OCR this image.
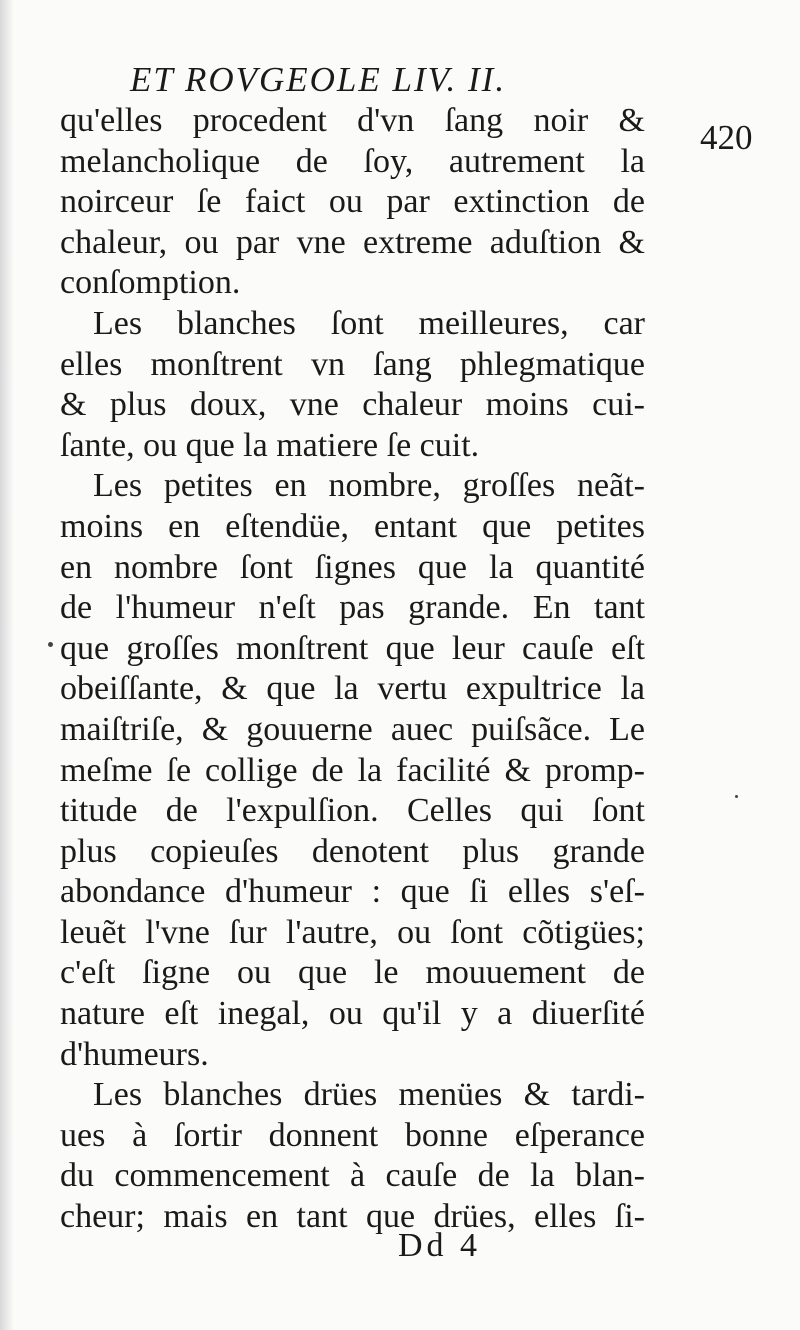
ET ROVGEOLE LIV. II.
420
qu'elles procedent d'vn ſang noir &
melancholique de ſoy, autrement la
noirceur ſe faict ou par extinction de
chaleur, ou par vne extreme aduſtion &
conſomption.
Les blanches ſont meilleures, car
elles monſtrent vn ſang phlegmatique
& plus doux, vne chaleur moins cui-
ſante, ou que la matiere ſe cuit.
Les petites en nombre, groſſes neãt-
moins en eſtendüe, entant que petites
en nombre ſont ſignes que la quantité
de l'humeur n'eſt pas grande. En tant
que groſſes monſtrent que leur cauſe eſt
obeiſſante, & que la vertu expultrice la
maiſtriſe, & gouuerne auec puiſsãce. Le
meſme ſe collige de la facilité & promp-
titude de l'expulſion. Celles qui ſont
plus copieuſes denotent plus grande
abondance d'humeur : que ſi elles s'eſ-
leuẽt l'vne ſur l'autre, ou ſont cõtigües;
c'eſt ſigne ou que le mouuement de
nature eſt inegal, ou qu'il y a diuerſité
d'humeurs.
Les blanches drües menües & tardi-
ues à ſortir donnent bonne eſperance
du commencement à cauſe de la blan-
cheur; mais en tant que drües, elles ſi-
Dd 4
